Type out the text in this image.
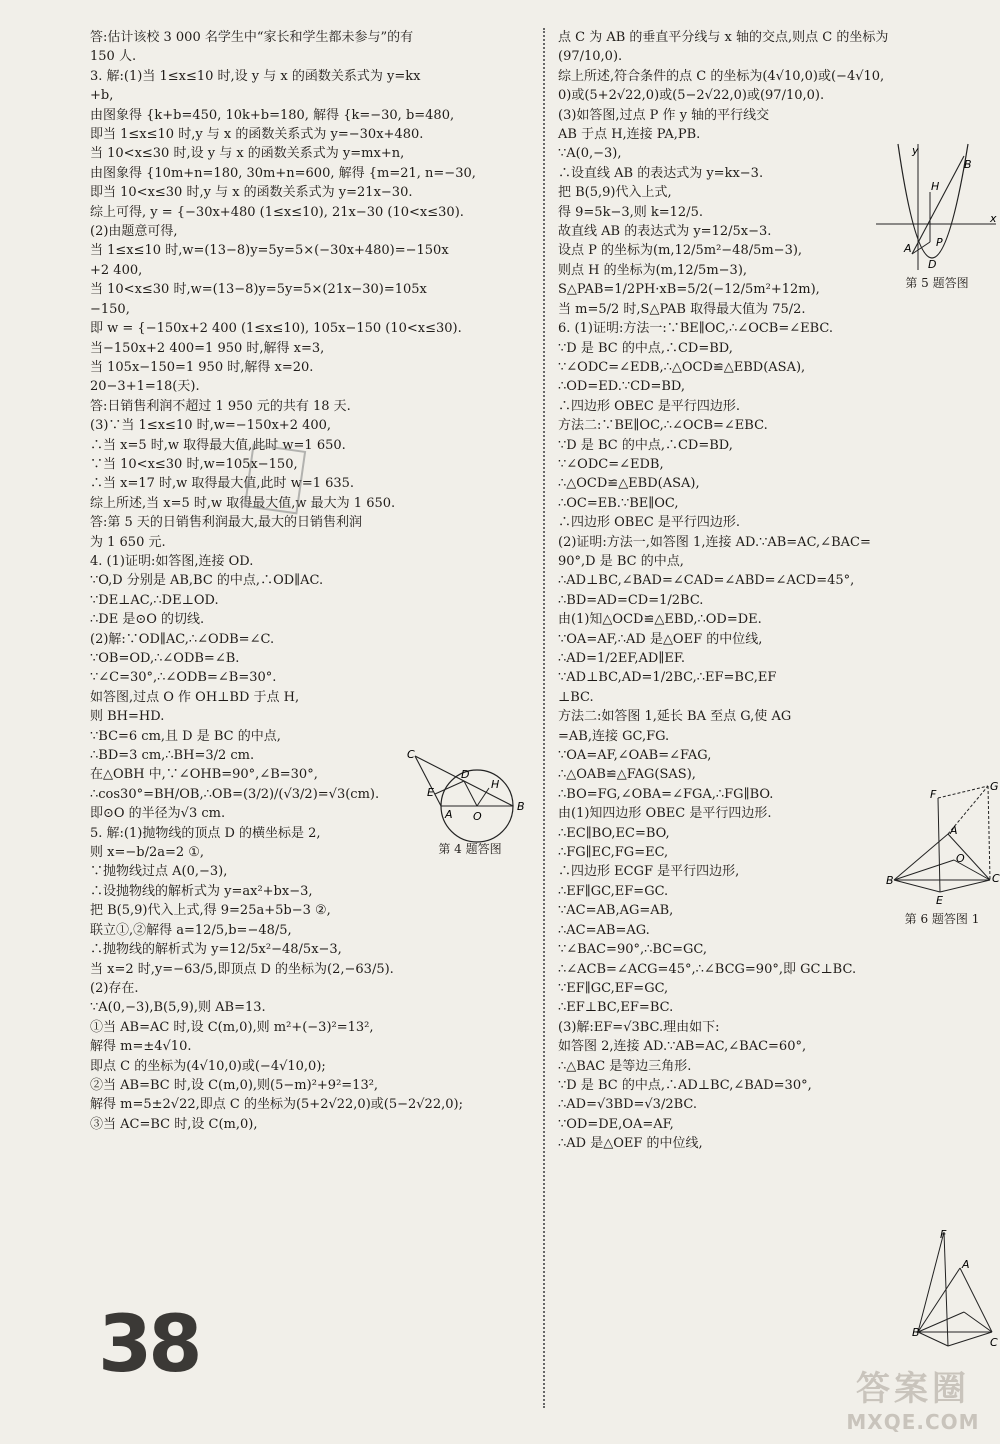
答:估计该校 3 000 名学生中“家长和学生都未参与”的有
150 人.
3. 解:(1)当 1≤x≤10 时,设 y 与 x 的函数关系式为 y=kx
+b,
由图象得 {k+b=450, 10k+b=180, 解得 {k=−30, b=480,
即当 1≤x≤10 时,y 与 x 的函数关系式为 y=−30x+480.
当 10<x≤30 时,设 y 与 x 的函数关系式为 y=mx+n,
由图象得 {10m+n=180, 30m+n=600, 解得 {m=21, n=−30,
即当 10<x≤30 时,y 与 x 的函数关系式为 y=21x−30.
综上可得, y = {−30x+480 (1≤x≤10), 21x−30 (10<x≤30).
(2)由题意可得,
当 1≤x≤10 时,w=(13−8)y=5y=5×(−30x+480)=−150x
+2 400,
当 10<x≤30 时,w=(13−8)y=5y=5×(21x−30)=105x
−150,
即 w = {−150x+2 400 (1≤x≤10), 105x−150 (10<x≤30).
当−150x+2 400=1 950 时,解得 x=3,
当 105x−150=1 950 时,解得 x=20.
20−3+1=18(天).
答:日销售利润不超过 1 950 元的共有 18 天.
(3)∵当 1≤x≤10 时,w=−150x+2 400,
∴当 x=5 时,w 取得最大值,此时 w=1 650.
∵当 10<x≤30 时,w=105x−150,
∴当 x=17 时,w 取得最大值,此时 w=1 635.
综上所述,当 x=5 时,w 取得最大值,w 最大为 1 650.
答:第 5 天的日销售利润最大,最大的日销售利润
为 1 650 元.
4. (1)证明:如答图,连接 OD.
∵O,D 分别是 AB,BC 的中点,∴OD∥AC.
∵DE⊥AC,∴DE⊥OD.
∴DE 是⊙O 的切线.
(2)解:∵OD∥AC,∴∠ODB=∠C.
∵OB=OD,∴∠ODB=∠B.
∵∠C=30°,∴∠ODB=∠B=30°.
如答图,过点 O 作 OH⊥BD 于点 H,
则 BH=HD.
∵BC=6 cm,且 D 是 BC 的中点,
∴BD=3 cm,∴BH=3/2 cm.
在△OBH 中,∵∠OHB=90°,∠B=30°,
∴cos30°=BH/OB,∴OB=(3/2)/(√3/2)=√3(cm).
即⊙O 的半径为√3 cm.
5. 解:(1)抛物线的顶点 D 的横坐标是 2,
则 x=−b/2a=2 ①,
∵抛物线过点 A(0,−3),
∴设抛物线的解析式为 y=ax²+bx−3,
把 B(5,9)代入上式,得 9=25a+5b−3 ②,
联立①,②解得 a=12/5,b=−48/5,
∴抛物线的解析式为 y=12/5x²−48/5x−3,
当 x=2 时,y=−63/5,即顶点 D 的坐标为(2,−63/5).
(2)存在.
∵A(0,−3),B(5,9),则 AB=13.
①当 AB=AC 时,设 C(m,0),则 m²+(−3)²=13²,
解得 m=±4√10.
即点 C 的坐标为(4√10,0)或(−4√10,0);
②当 AB=BC 时,设 C(m,0),则(5−m)²+9²=13²,
解得 m=5±2√22,即点 C 的坐标为(5+2√22,0)或(5−2√22,0);
③当 AC=BC 时,设 C(m,0),
点 C 为 AB 的垂直平分线与 x 轴的交点,则点 C 的坐标为
(97/10,0).
综上所述,符合条件的点 C 的坐标为(4√10,0)或(−4√10,
0)或(5+2√22,0)或(5−2√22,0)或(97/10,0).
(3)如答图,过点 P 作 y 轴的平行线交
AB 于点 H,连接 PA,PB.
∵A(0,−3),
∴设直线 AB 的表达式为 y=kx−3.
把 B(5,9)代入上式,
得 9=5k−3,则 k=12/5.
故直线 AB 的表达式为 y=12/5x−3.
设点 P 的坐标为(m,12/5m²−48/5m−3),
则点 H 的坐标为(m,12/5m−3),
S△PAB=1/2PH·xB=5/2(−12/5m²+12m),
当 m=5/2 时,S△PAB 取得最大值为 75/2.
6. (1)证明:方法一:∵BE∥OC,∴∠OCB=∠EBC.
∵D 是 BC 的中点,∴CD=BD,
∵∠ODC=∠EDB,∴△OCD≌△EBD(ASA),
∴OD=ED.∵CD=BD,
∴四边形 OBEC 是平行四边形.
方法二:∵BE∥OC,∴∠OCB=∠EBC.
∵D 是 BC 的中点,∴CD=BD,
∵∠ODC=∠EDB,
∴△OCD≌△EBD(ASA),
∴OC=EB.∵BE∥OC,
∴四边形 OBEC 是平行四边形.
(2)证明:方法一,如答图 1,连接 AD.∵AB=AC,∠BAC=
90°,D 是 BC 的中点,
∴AD⊥BC,∠BAD=∠CAD=∠ABD=∠ACD=45°,
∴BD=AD=CD=1/2BC.
由(1)知△OCD≌△EBD,∴OD=DE.
∵OA=AF,∴AD 是△OEF 的中位线,
∴AD=1/2EF,AD∥EF.
∵AD⊥BC,AD=1/2BC,∴EF=BC,EF
⊥BC.
方法二:如答图 1,延长 BA 至点 G,使 AG
=AB,连接 GC,FG.
∵OA=AF,∠OAB=∠FAG,
∴△OAB≌△FAG(SAS),
∴BO=FG,∠OBA=∠FGA,∴FG∥BO.
由(1)知四边形 OBEC 是平行四边形.
∴EC∥BO,EC=BO,
∴FG∥EC,FG=EC,
∴四边形 ECGF 是平行四边形,
∴EF∥GC,EF=GC.
∵AC=AB,AG=AB,
∴AC=AB=AG.
∵∠BAC=90°,∴BC=GC,
∴∠ACB=∠ACG=45°,∴∠BCG=90°,即 GC⊥BC.
∵EF∥GC,EF=GC,
∴EF⊥BC,EF=BC.
(3)解:EF=√3BC.理由如下:
如答图 2,连接 AD.∵AB=AC,∠BAC=60°,
∴△BAC 是等边三角形.
∵D 是 BC 的中点,∴AD⊥BC,∠BAD=30°,
∴AD=√3BD=√3/2BC.
∵OD=DE,OA=AF,
∴AD 是△OEF 的中位线,
C
D
H
E
B
O
A
第 4 题答图
y
x
B
H
A P
D
第 5 题答图
B	C
F
G
A
O
E
第 6 题答图 1
F
A
B
C
38	答案圈
MXQE.COM
